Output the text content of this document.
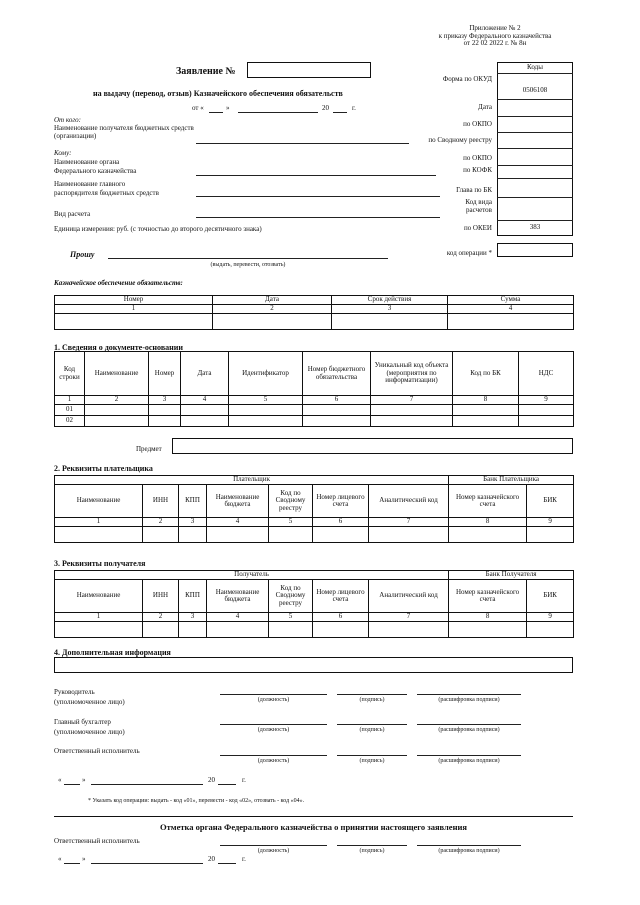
Приложение № 2
к приказу Федерального казначейства
от 22 02 2022 г. № 8н
Заявление №
на выдачу (перевод, отзыв) Казначейского обеспечения обязательств
от «	»	20	г.
Коды
Форма по ОКУД
0506108
Дата
по ОКПО
по Сводному реестру
по ОКПО
по КОФК
Глава по БК
Код вида
расчетов
по ОКЕИ	383
От кого:
Наименование получателя бюджетных средств (организации)
Кому:
Наименование органа
Федерального казначейства
Наименование главного
распорядителя бюджетных средств
Вид расчета
Единица измерения: руб. (с точностью до второго десятичного знака)
Прошу
(выдать, перевести, отозвать)
код операции *
Казначейское обеспечение обязательств:
Номер	Дата	Срок действия	Сумма
1	2	3	4

1. Сведения о документе-основании
Код строки	Наименование	Номер	Дата	Идентификатор	Номер бюджетного обязательства	Уникальный код объекта (мероприятия по информатизации)	Код по БК	НДС
1	2	3	4	5	6	7	8	9
01								
02								
Предмет
2. Реквизиты плательщика
Плательщик							Банк Плательщика	
Наименование	ИНН	КПП	Наименование бюджета	Код по Сводному реестру	Номер лицевого счета	Аналитический код	Номер казначейского счета	БИК
1	2	3	4	5	6	7	8	9

3. Реквизиты получателя
Получатель							Банк Получателя	
Наименование	ИНН	КПП	Наименование бюджета	Код по Сводному реестру	Номер лицевого счета	Аналитический код	Номер казначейского счета	БИК
1	2	3	4	5	6	7	8	9

4. Дополнительная информация
Руководитель
(уполномоченное лицо)	(должность)	(подпись)	(расшифровка подписи)
Главный бухгалтер
(уполномоченное лицо)	(должность)	(подпись)	(расшифровка подписи)
Ответственный исполнитель
(должность)	(подпись)	(расшифровка подписи)
«	»	20	г.
* Указать код операции: выдать - код «01», перевести - код «02», отозвать - код «04».
Отметка органа Федерального казначейства о принятии настоящего заявления
Ответственный исполнитель
(должность)	(подпись)	(расшифровка подписи)
«	»	20	г.
